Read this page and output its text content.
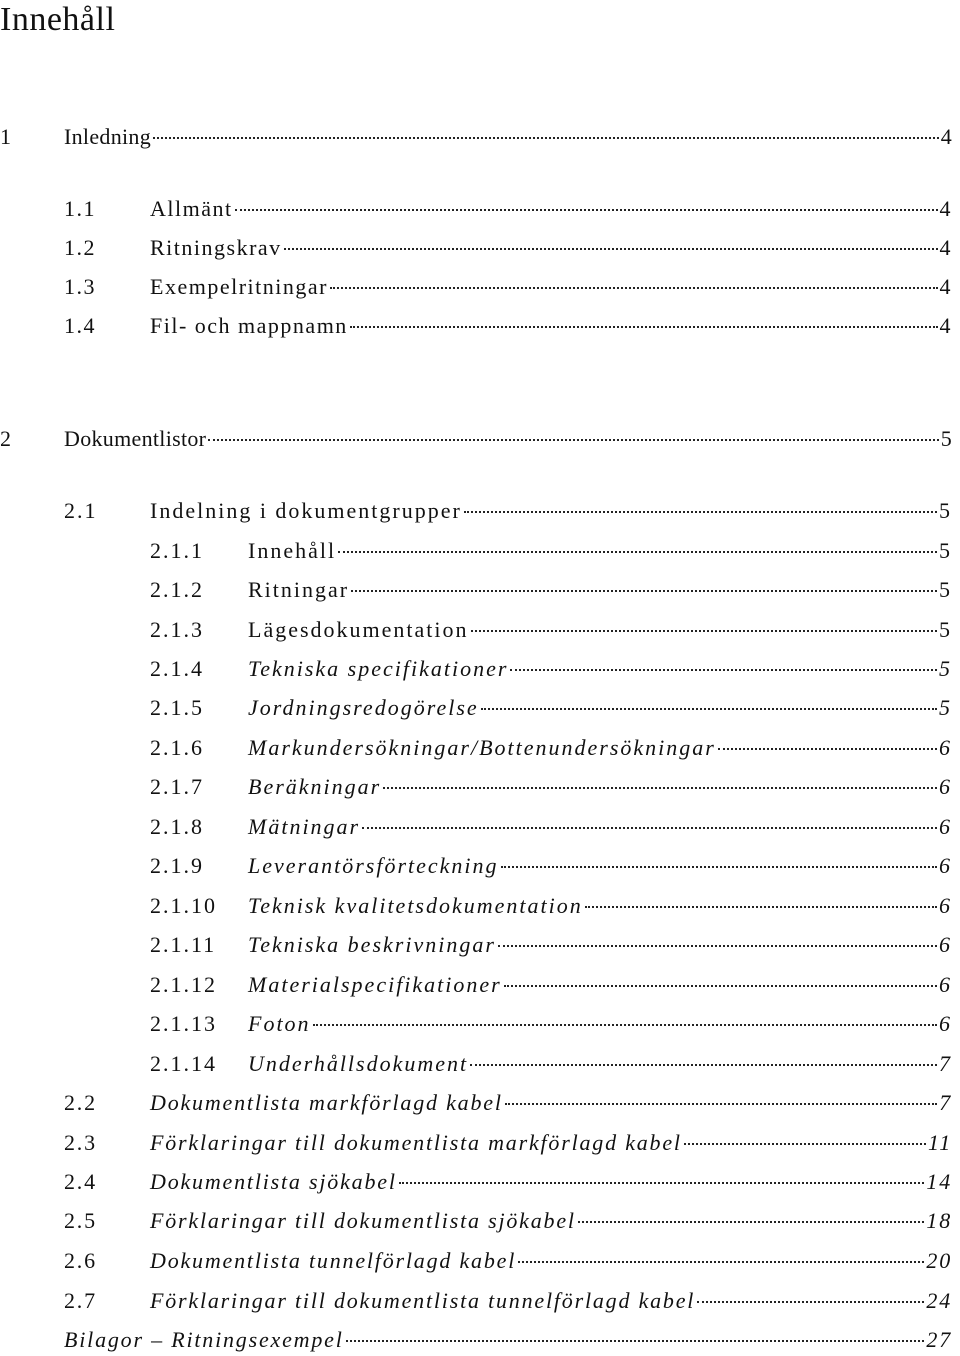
Innehåll
1	Inledning	4
1.1	Allmänt	4
1.2	Ritningskrav	4
1.3	Exempelritningar	4
1.4	Fil- och mappnamn	4
2	Dokumentlistor	5
2.1	Indelning i dokumentgrupper	5
2.1.1	Innehåll	5
2.1.2	Ritningar	5
2.1.3	Lägesdokumentation	5
2.1.4	Tekniska specifikationer	5
2.1.5	Jordningsredogörelse	5
2.1.6	Markundersökningar/Bottenundersökningar	6
2.1.7	Beräkningar	6
2.1.8	Mätningar	6
2.1.9	Leverantörsförteckning	6
2.1.10	Teknisk kvalitetsdokumentation	6
2.1.11	Tekniska beskrivningar	6
2.1.12	Materialspecifikationer	6
2.1.13	Foton	6
2.1.14	Underhållsdokument	7
2.2	Dokumentlista markförlagd kabel	7
2.3	Förklaringar till dokumentlista markförlagd kabel	11
2.4	Dokumentlista sjökabel	14
2.5	Förklaringar till dokumentlista sjökabel	18
2.6	Dokumentlista tunnelförlagd kabel	20
2.7	Förklaringar till dokumentlista tunnelförlagd kabel	24
Bilagor – Ritningsexempel	27
